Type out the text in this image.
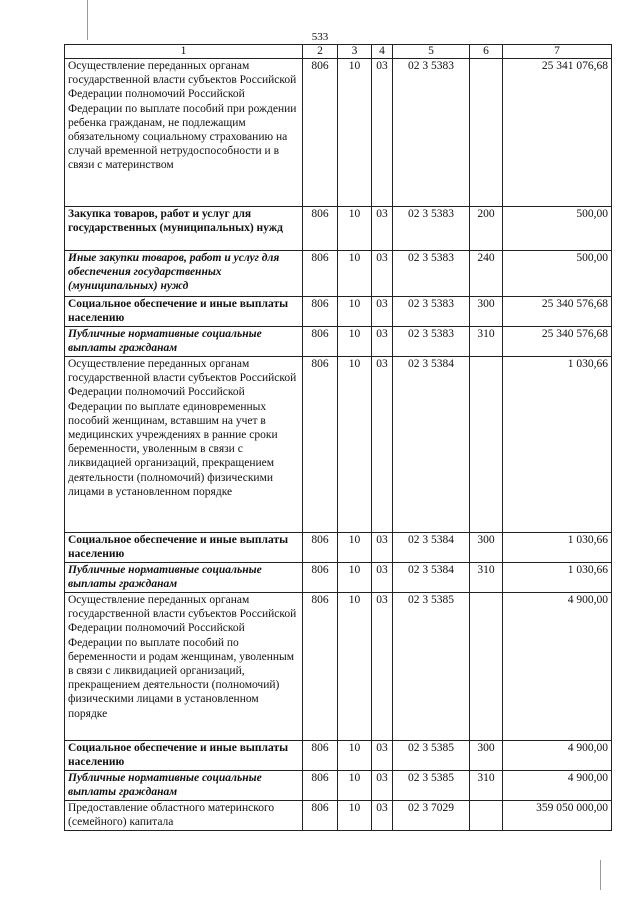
533
1	2	3	4	5	6	7
Осуществление переданных органам государственной власти субъектов Российской Федерации полномочий Российской Федерации по выплате пособий при рождении ребенка гражданам, не подлежащим обязательному социальному страхованию на случай временной нетрудоспособности и в связи с материнством	806	10	03	02 3 5383		25 341 076,68
Закупка товаров, работ и услуг для государственных (муниципальных) нужд	806	10	03	02 3 5383	200	500,00
Иные закупки товаров, работ и услуг для обеспечения государственных (муниципальных) нужд	806	10	03	02 3 5383	240	500,00
Социальное обеспечение и иные выплаты населению	806	10	03	02 3 5383	300	25 340 576,68
Публичные нормативные социальные выплаты гражданам	806	10	03	02 3 5383	310	25 340 576,68
Осуществление переданных органам государственной власти субъектов Российской Федерации полномочий Российской Федерации по выплате единовременных пособий женщинам, вставшим на учет в медицинских учреждениях в ранние сроки беременности, уволенным в связи с ликвидацией организаций, прекращением деятельности (полномочий) физическими лицами в установленном порядке	806	10	03	02 3 5384		1 030,66
Социальное обеспечение и иные выплаты населению	806	10	03	02 3 5384	300	1 030,66
Публичные нормативные социальные выплаты гражданам	806	10	03	02 3 5384	310	1 030,66
Осуществление переданных органам государственной власти субъектов Российской Федерации полномочий Российской Федерации по выплате пособий по беременности и родам женщинам, уволенным в связи с ликвидацией организаций, прекращением деятельности (полномочий) физическими лицами в установленном порядке	806	10	03	02 3 5385		4 900,00
Социальное обеспечение и иные выплаты населению	806	10	03	02 3 5385	300	4 900,00
Публичные нормативные социальные выплаты гражданам	806	10	03	02 3 5385	310	4 900,00
Предоставление областного материнского (семейного) капитала	806	10	03	02 3 7029		359 050 000,00
